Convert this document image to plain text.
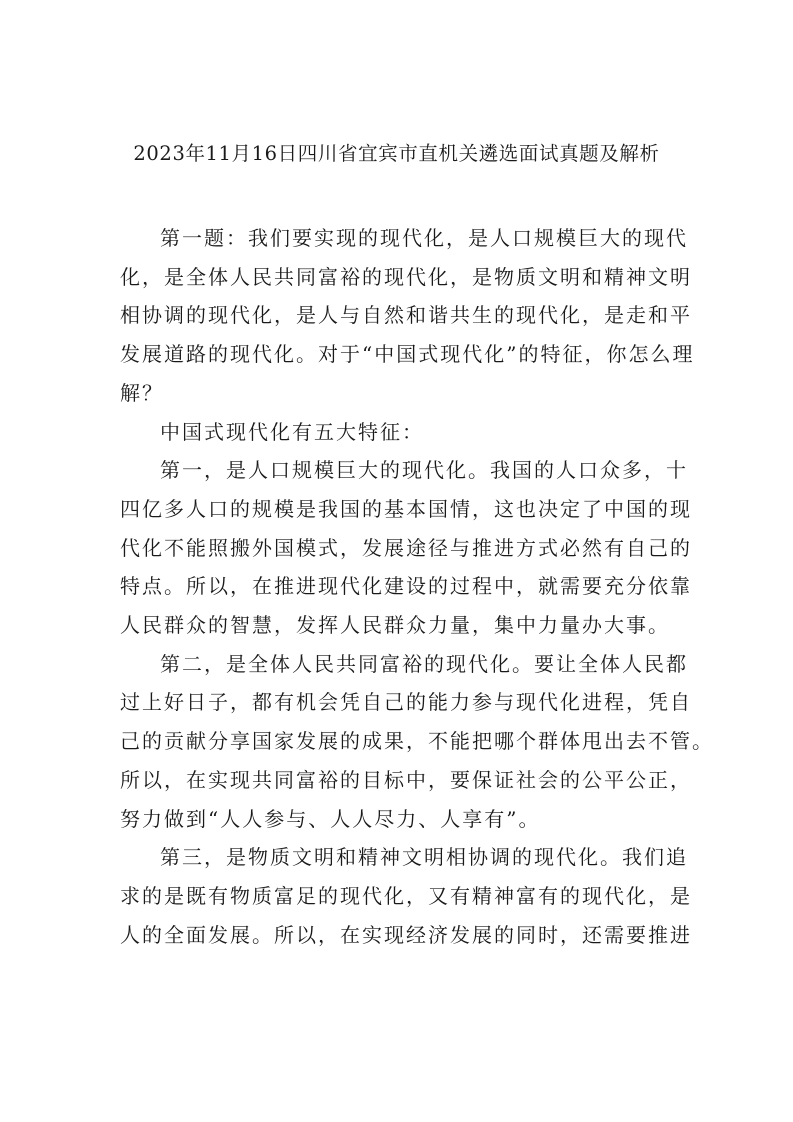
2023年11月16日四川省宜宾市直机关遴选面试真题及解析

第一题：我们要实现的现代化，是人口规模巨大的现代
化，是全体人民共同富裕的现代化，是物质文明和精神文明
相协调的现代化，是人与自然和谐共生的现代化，是走和平
发展道路的现代化。对于“中国式现代化”的特征，你怎么理
解？

中国式现代化有五大特征：

第一，是人口规模巨大的现代化。我国的人口众多，十
四亿多人口的规模是我国的基本国情，这也决定了中国的现
代化不能照搬外国模式，发展途径与推进方式必然有自己的
特点。所以，在推进现代化建设的过程中，就需要充分依靠
人民群众的智慧，发挥人民群众力量，集中力量办大事。

第二，是全体人民共同富裕的现代化。要让全体人民都
过上好日子，都有机会凭自己的能力参与现代化进程，凭自
己的贡献分享国家发展的成果，不能把哪个群体甩出去不管。
所以，在实现共同富裕的目标中，要保证社会的公平公正，
努力做到“人人参与、人人尽力、人享有”。

第三，是物质文明和精神文明相协调的现代化。我们追
求的是既有物质富足的现代化，又有精神富有的现代化，是
人的全面发展。所以，在实现经济发展的同时，还需要推进
